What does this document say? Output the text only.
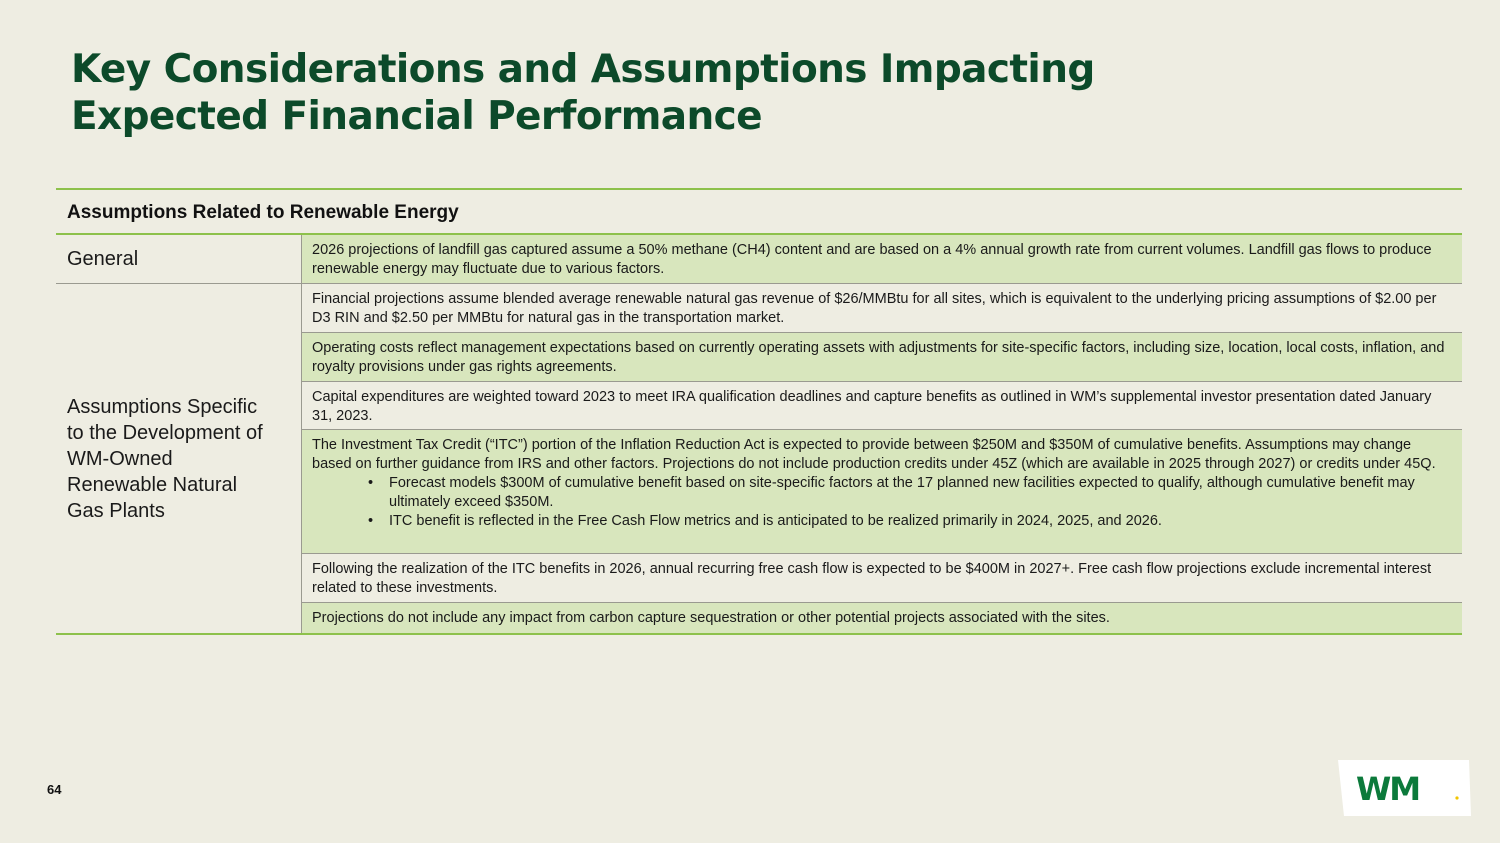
Key Considerations and Assumptions Impacting
Expected Financial Performance
Assumptions Related to Renewable Energy
General	2026 projections of landfill gas captured assume a 50% methane (CH4) content and are based on a 4% annual growth rate from current volumes. Landfill gas flows to produce renewable energy may fluctuate due to various factors.
Assumptions Specific
to the Development of
WM-Owned
Renewable Natural
Gas Plants
Financial projections assume blended average renewable natural gas revenue of $26/MMBtu for all sites, which is equivalent to the underlying pricing assumptions of $2.00 per D3 RIN and $2.50 per MMBtu for natural gas in the transportation market.
Operating costs reflect management expectations based on currently operating assets with adjustments for site-specific factors, including size, location, local costs, inflation, and royalty provisions under gas rights agreements.
Capital expenditures are weighted toward 2023 to meet IRA qualification deadlines and capture benefits as outlined in WM’s supplemental investor presentation dated January 31, 2023.
The Investment Tax Credit (“ITC”) portion of the Inflation Reduction Act is expected to provide between $250M and $350M of cumulative benefits. Assumptions may change based on further guidance from IRS and other factors. Projections do not include production credits under 45Z (which are available in 2025 through 2027) or credits under 45Q.
• Forecast models $300M of cumulative benefit based on site-specific factors at the 17 planned new facilities expected to qualify, although cumulative benefit may ultimately exceed $350M.
• ITC benefit is reflected in the Free Cash Flow metrics and is anticipated to be realized primarily in 2024, 2025, and 2026.
Following the realization of the ITC benefits in 2026, annual recurring free cash flow is expected to be $400M in 2027+. Free cash flow projections exclude incremental interest related to these investments.
Projections do not include any impact from carbon capture sequestration or other potential projects associated with the sites.
64	WM
